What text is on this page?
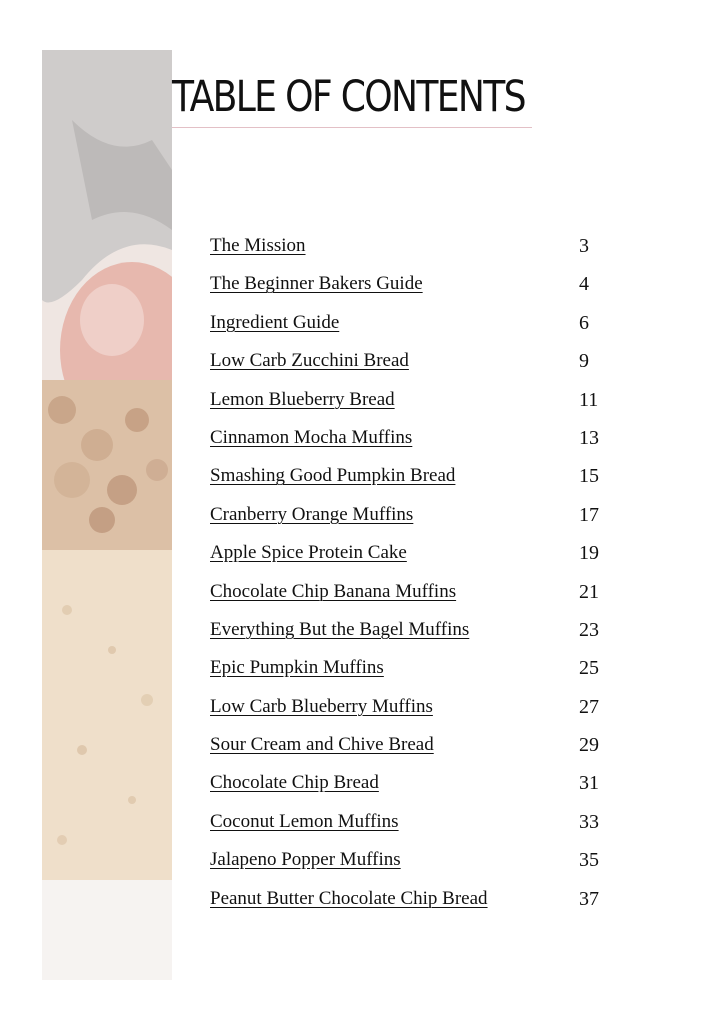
TABLE OF CONTENTS
The Mission	3
The Beginner Bakers Guide	4
Ingredient Guide	6
Low Carb Zucchini Bread	9
Lemon Blueberry Bread	11
Cinnamon Mocha Muffins	13
Smashing Good Pumpkin Bread	15
Cranberry Orange Muffins	17
Apple Spice Protein Cake	19
Chocolate Chip Banana Muffins	21
Everything But the Bagel Muffins	23
Epic Pumpkin Muffins	25
Low Carb Blueberry Muffins	27
Sour Cream and Chive Bread	29
Chocolate Chip Bread	31
Coconut Lemon Muffins	33
Jalapeno Popper Muffins	35
Peanut Butter Chocolate Chip Bread	37
